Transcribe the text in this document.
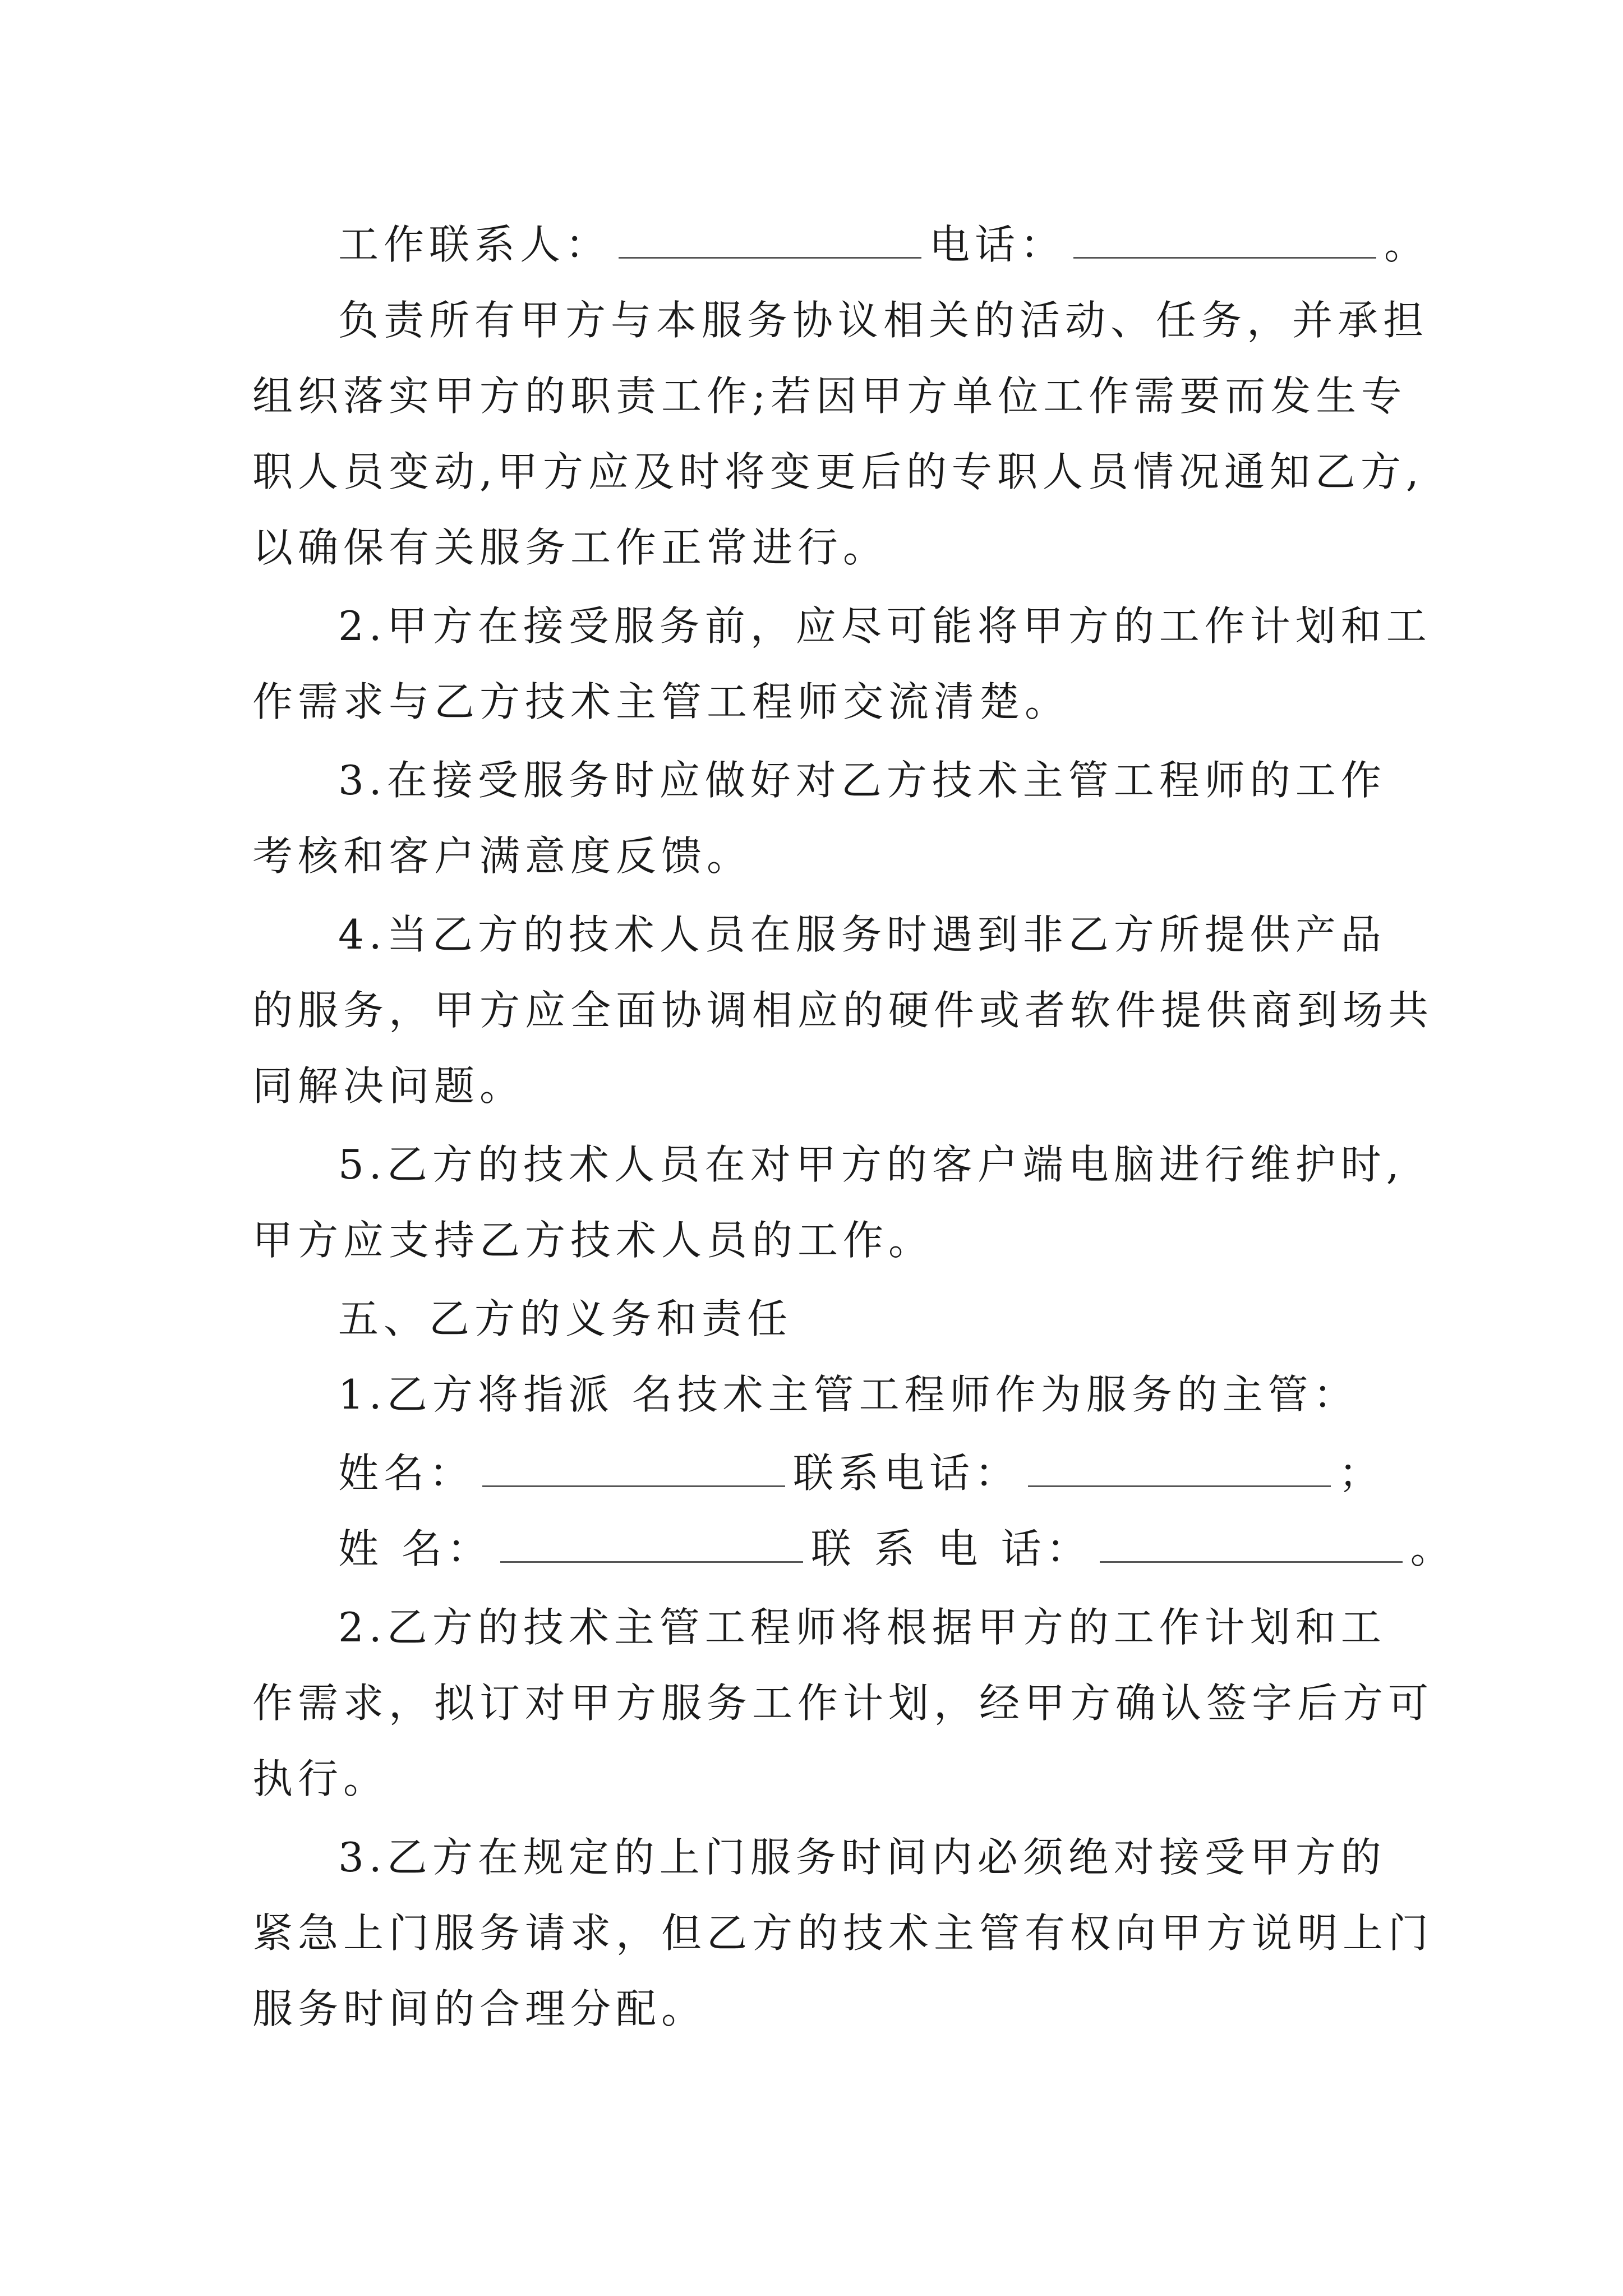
工作联系人：	电话：	。
负责所有甲方与本服务协议相关的活动、任务，并承担
组织落实甲方的职责工作;若因甲方单位工作需要而发生专
职人员变动,甲方应及时将变更后的专职人员情况通知乙方,
以确保有关服务工作正常进行。
2.甲方在接受服务前，应尽可能将甲方的工作计划和工
作需求与乙方技术主管工程师交流清楚。
3.在接受服务时应做好对乙方技术主管工程师的工作
考核和客户满意度反馈。
4.当乙方的技术人员在服务时遇到非乙方所提供产品
的服务，甲方应全面协调相应的硬件或者软件提供商到场共
同解决问题。
5.乙方的技术人员在对甲方的客户端电脑进行维护时,
甲方应支持乙方技术人员的工作。
五、乙方的义务和责任
1.乙方将指派 名技术主管工程师作为服务的主管：
姓名：	联系电话：	；
姓 名：	联 系 电 话：	。
2.乙方的技术主管工程师将根据甲方的工作计划和工
作需求，拟订对甲方服务工作计划，经甲方确认签字后方可
执行。
3.乙方在规定的上门服务时间内必须绝对接受甲方的
紧急上门服务请求，但乙方的技术主管有权向甲方说明上门
服务时间的合理分配。
